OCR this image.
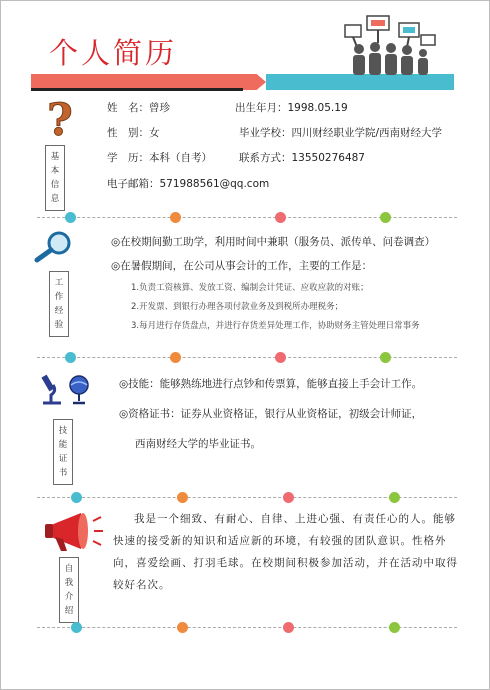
个人简历
?
基
本
信
息
姓　名：曾珍	出生年月：1998.05.19
性　别：女	毕业学校：四川财经职业学院/西南财经大学
学　历：本科（自考）	联系方式：13550276487
电子邮箱：571988561@qq.com
工
作
经
验
◎在校期间勤工助学，利用时间中兼职（服务员、派传单、问卷调查）
◎在暑假期间，在公司从事会计的工作，主要的工作是：
1.负责工资核算、发放工资、编制会计凭证、应收应款的对账；
2.开发票、到银行办理各项付款业务及到税所办理税务；
3.每月进行存货盘点，并进行存货差异处理工作，协助财务主管处理日常事务
技
能
证
书
◎技能：能够熟练地进行点钞和传票算，能够直接上手会计工作。
◎资格证书：证券从业资格证，银行从业资格证，初级会计师证，
西南财经大学的毕业证书。
自
我
介
绍
我是一个细致、有耐心、自律、上进心强、有责任心的人。能够快速的接受新的知识和适应新的环境，有较强的团队意识。性格外向，喜爱绘画、打羽毛球。在校期间积极参加活动，并在活动中取得较好名次。
